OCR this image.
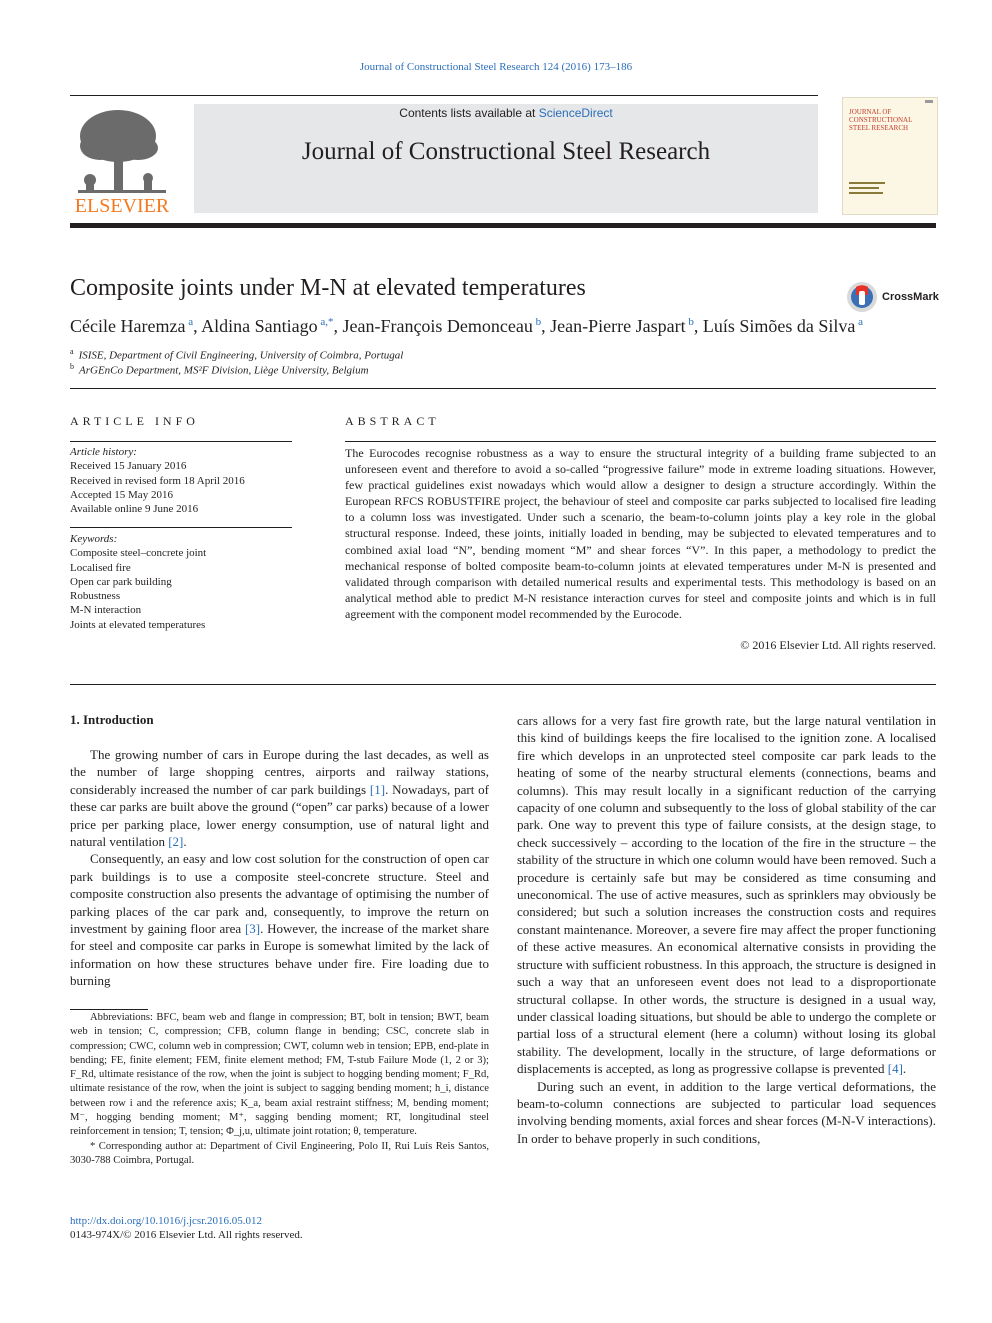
Journal of Constructional Steel Research 124 (2016) 173–186
ELSEVIER
Contents lists available at ScienceDirect
Journal of Constructional Steel Research
JOURNAL OF CONSTRUCTIONAL STEEL RESEARCH
Composite joints under M-N at elevated temperatures	CrossMark
Cécile Haremza $^a$, Aldina Santiago $^{a,*}$, Jean-François Demonceau $^b$, Jean-Pierre Jaspart $^b$, Luís Simões da Silva $^a$
$^a$ ISISE, Department of Civil Engineering, University of Coimbra, Portugal
$^b$ ArGEnCo Department, MS²F Division, Liège University, Belgium
ARTICLE INFO
Article history:
Received 15 January 2016
Received in revised form 18 April 2016
Accepted 15 May 2016
Available online 9 June 2016
Keywords:
Composite steel–concrete joint
Localised fire
Open car park building
Robustness
M-N interaction
Joints at elevated temperatures
ABSTRACT
The Eurocodes recognise robustness as a way to ensure the structural integrity of a building frame subjected to an unforeseen event and therefore to avoid a so-called “progressive failure” mode in extreme loading situations. However, few practical guidelines exist nowadays which would allow a designer to design a structure accordingly. Within the European RFCS ROBUSTFIRE project, the behaviour of steel and composite car parks subjected to localised fire leading to a column loss was investigated. Under such a scenario, the beam-to-column joints play a key role in the global structural response. Indeed, these joints, initially loaded in bending, may be subjected to elevated temperatures and to combined axial load “N”, bending moment “M” and shear forces “V”. In this paper, a methodology to predict the mechanical response of bolted composite beam-to-column joints at elevated temperatures under M-N is presented and validated through comparison with detailed numerical results and experimental tests. This methodology is based on an analytical method able to predict M-N resistance interaction curves for steel and composite joints and which is in full agreement with the component model recommended by the Eurocode.
© 2016 Elsevier Ltd. All rights reserved.
1. Introduction

The growing number of cars in Europe during the last decades, as well as the number of large shopping centres, airports and railway stations, considerably increased the number of car park buildings [1]. Nowadays, part of these car parks are built above the ground (“open” car parks) because of a lower price per parking place, lower energy consumption, use of natural light and natural ventilation [2].

Consequently, an easy and low cost solution for the construction of open car park buildings is to use a composite steel-concrete structure. Steel and composite construction also presents the advantage of optimising the number of parking places of the car park and, consequently, to improve the return on investment by gaining floor area [3]. However, the increase of the market share for steel and composite car parks in Europe is somewhat limited by the lack of information on how these structures behave under fire. Fire loading due to burning

cars allows for a very fast fire growth rate, but the large natural ventilation in this kind of buildings keeps the fire localised to the ignition zone. A localised fire which develops in an unprotected steel composite car park leads to the heating of some of the nearby structural elements (connections, beams and columns). This may result locally in a significant reduction of the carrying capacity of one column and subsequently to the loss of global stability of the car park. One way to prevent this type of failure consists, at the design stage, to check successively – according to the location of the fire in the structure – the stability of the structure in which one column would have been removed. Such a procedure is certainly safe but may be considered as time consuming and uneconomical. The use of active measures, such as sprinklers may obviously be considered; but such a solution increases the construction costs and requires constant maintenance. Moreover, a severe fire may affect the proper functioning of these active measures. An economical alternative consists in providing the structure with sufficient robustness. In this approach, the structure is designed in such a way that an unforeseen event does not lead to a disproportionate structural collapse. In other words, the structure is designed in a usual way, under classical loading situations, but should be able to undergo the complete or partial loss of a structural element (here a column) without losing its global stability. The development, locally in the structure, of large deformations or displacements is accepted, as long as progressive collapse is prevented [4].

During such an event, in addition to the large vertical deformations, the beam-to-column connections are subjected to particular load sequences involving bending moments, axial forces and shear forces (M-N-V interactions). In order to behave properly in such conditions,

Abbreviations: BFC, beam web and flange in compression; BT, bolt in tension; BWT, beam web in tension; C, compression; CFB, column flange in bending; CSC, concrete slab in compression; CWC, column web in compression; CWT, column web in tension; EPB, end-plate in bending; FE, finite element; FEM, finite element method; FM, T-stub Failure Mode (1, 2 or 3); F_Rd, ultimate resistance of the row, when the joint is subject to hogging bending moment; F_Rd, ultimate resistance of the row, when the joint is subject to sagging bending moment; h_i, distance between row i and the reference axis; K_a, beam axial restraint stiffness; M, bending moment; M⁻, hogging bending moment; M⁺, sagging bending moment; RT, longitudinal steel reinforcement in tension; T, tension; Φ_j,u, ultimate joint rotation; θ, temperature.

* Corresponding author at: Department of Civil Engineering, Polo II, Rui Luís Reis Santos, 3030-788 Coimbra, Portugal.

http://dx.doi.org/10.1016/j.jcsr.2016.05.012
0143-974X/© 2016 Elsevier Ltd. All rights reserved.
